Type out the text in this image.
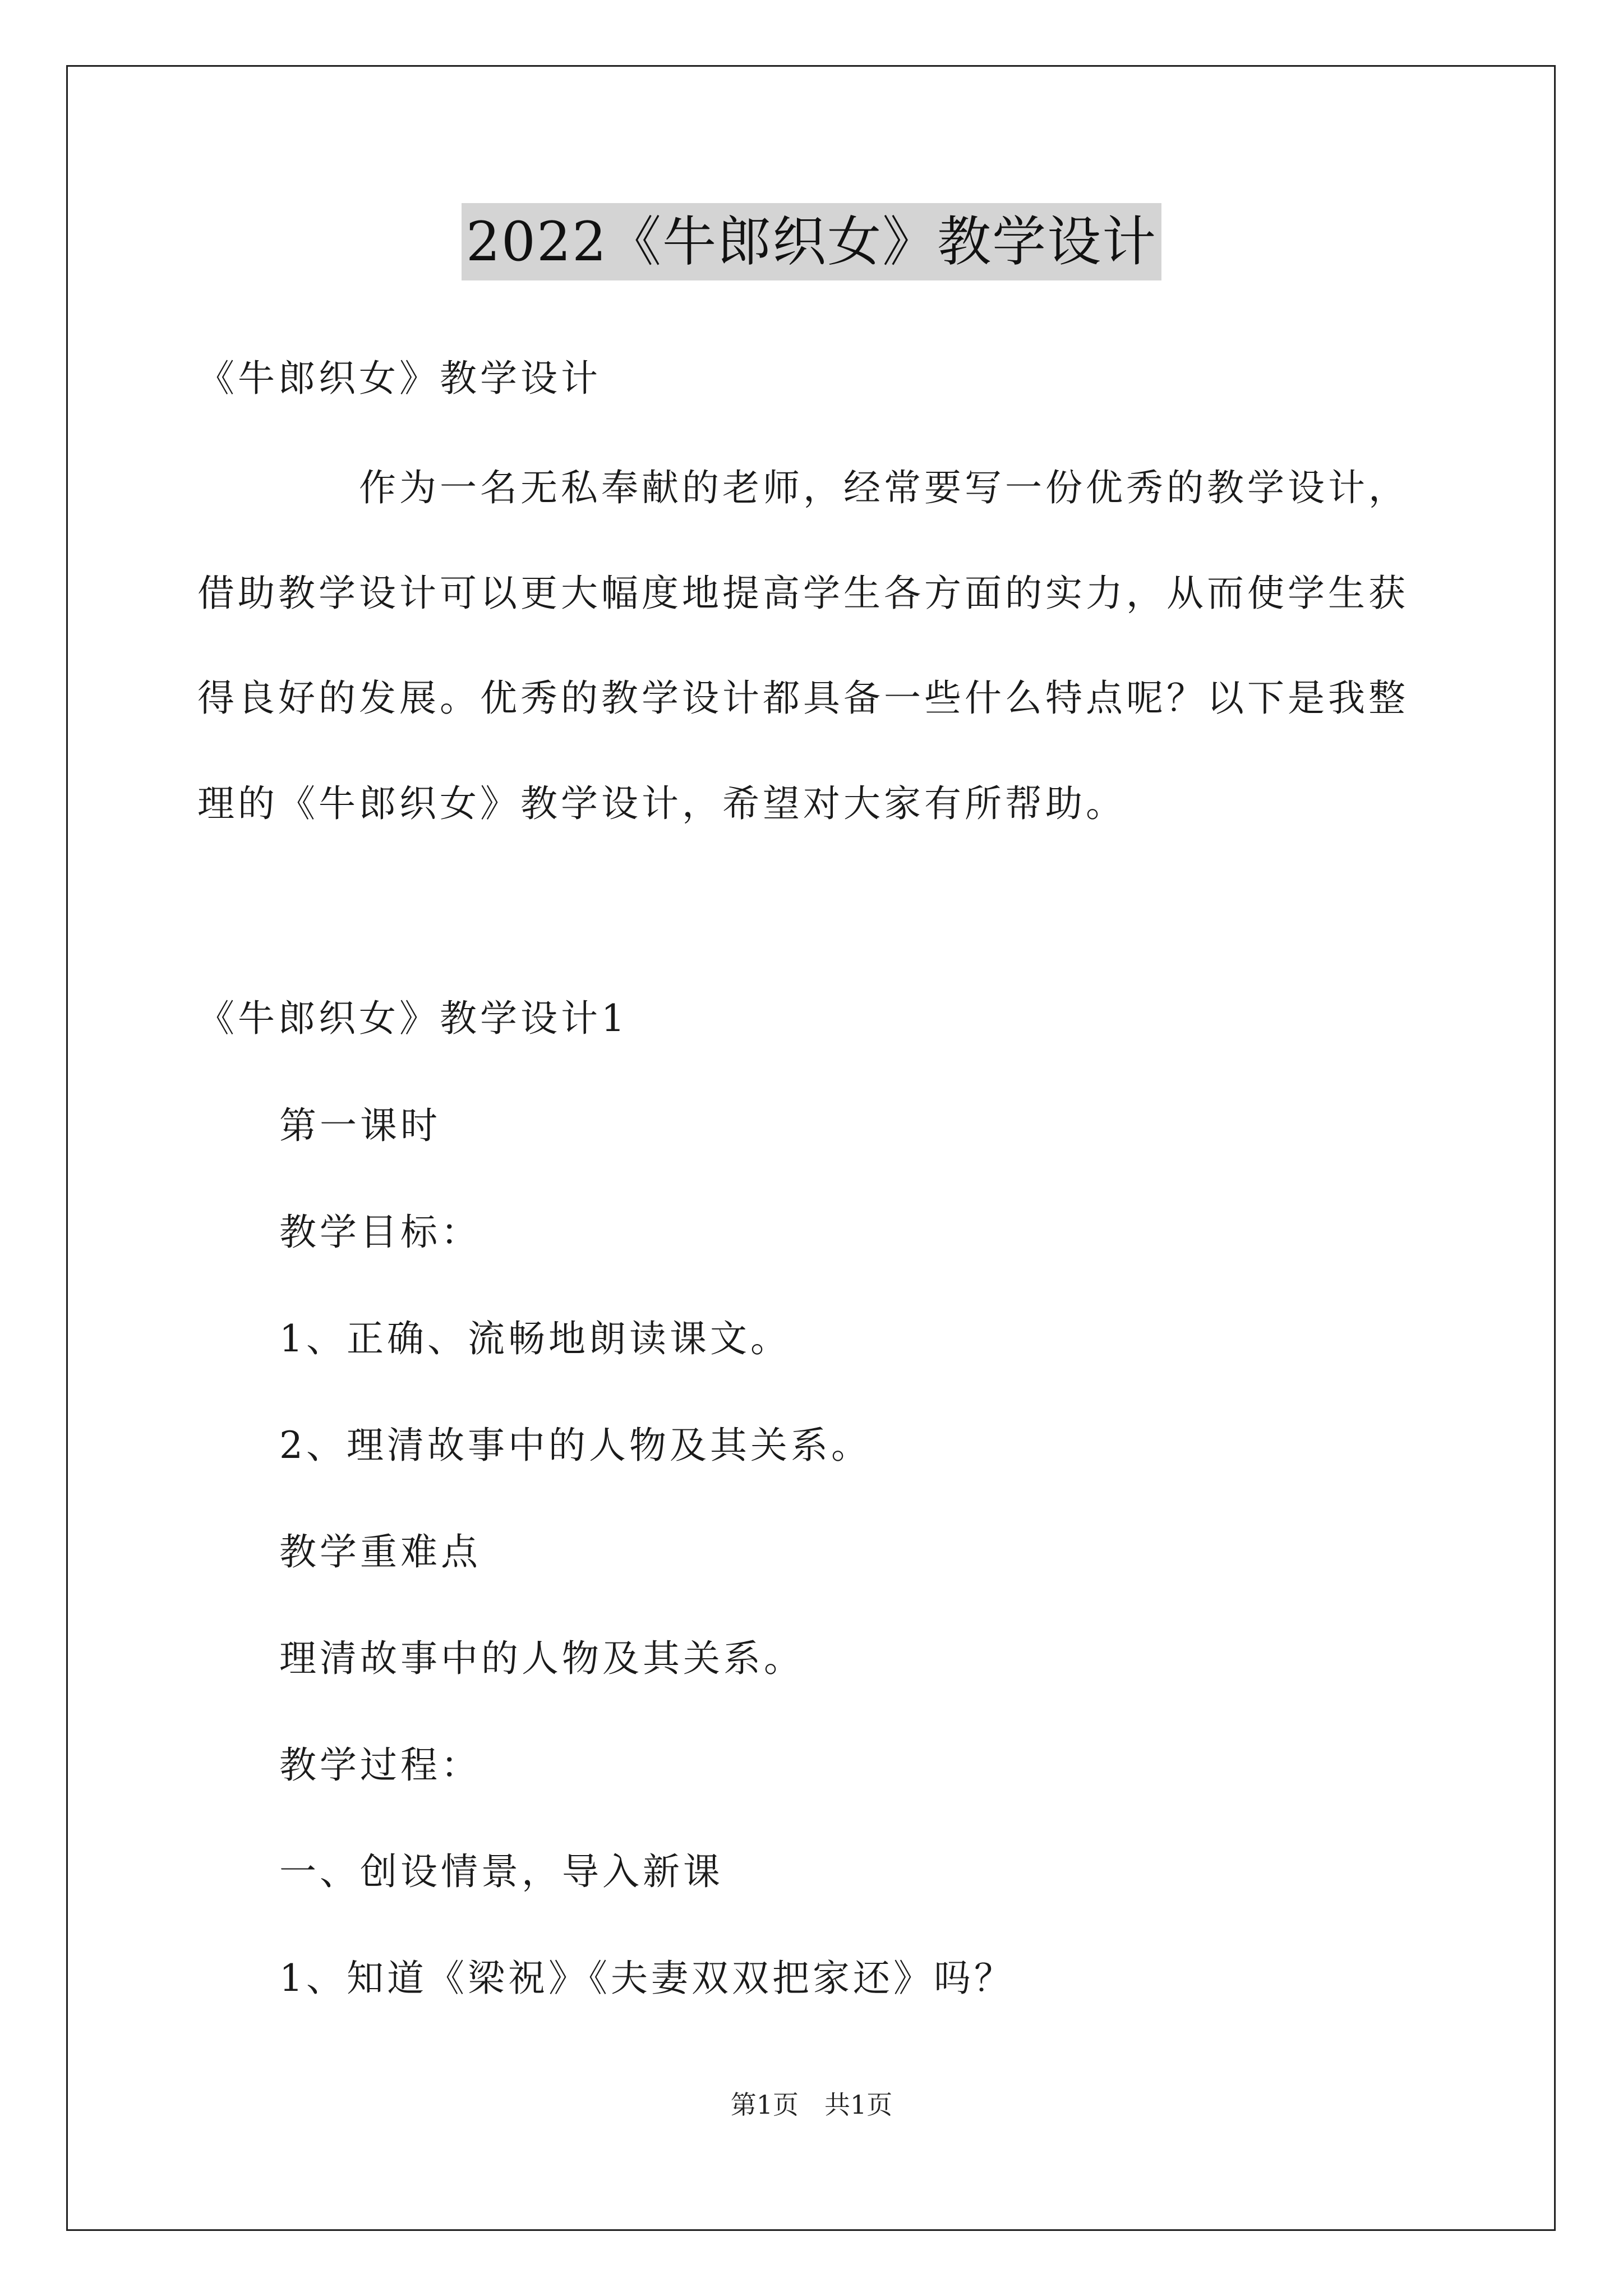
2022《牛郎织女》教学设计
《牛郎织女》教学设计
作为一名无私奉献的老师，经常要写一份优秀的教学设计，
借助教学设计可以更大幅度地提高学生各方面的实力，从而使学生获
得良好的发展。优秀的教学设计都具备一些什么特点呢？以下是我整
理的《牛郎织女》教学设计，希望对大家有所帮助。
《牛郎织女》教学设计1
第一课时
教学目标：
1、正确、流畅地朗读课文。
2、理清故事中的人物及其关系。
教学重难点
理清故事中的人物及其关系。
教学过程：
一、创设情景，导入新课
1、知道《梁祝》《夫妻双双把家还》吗？
第1页 共1页
